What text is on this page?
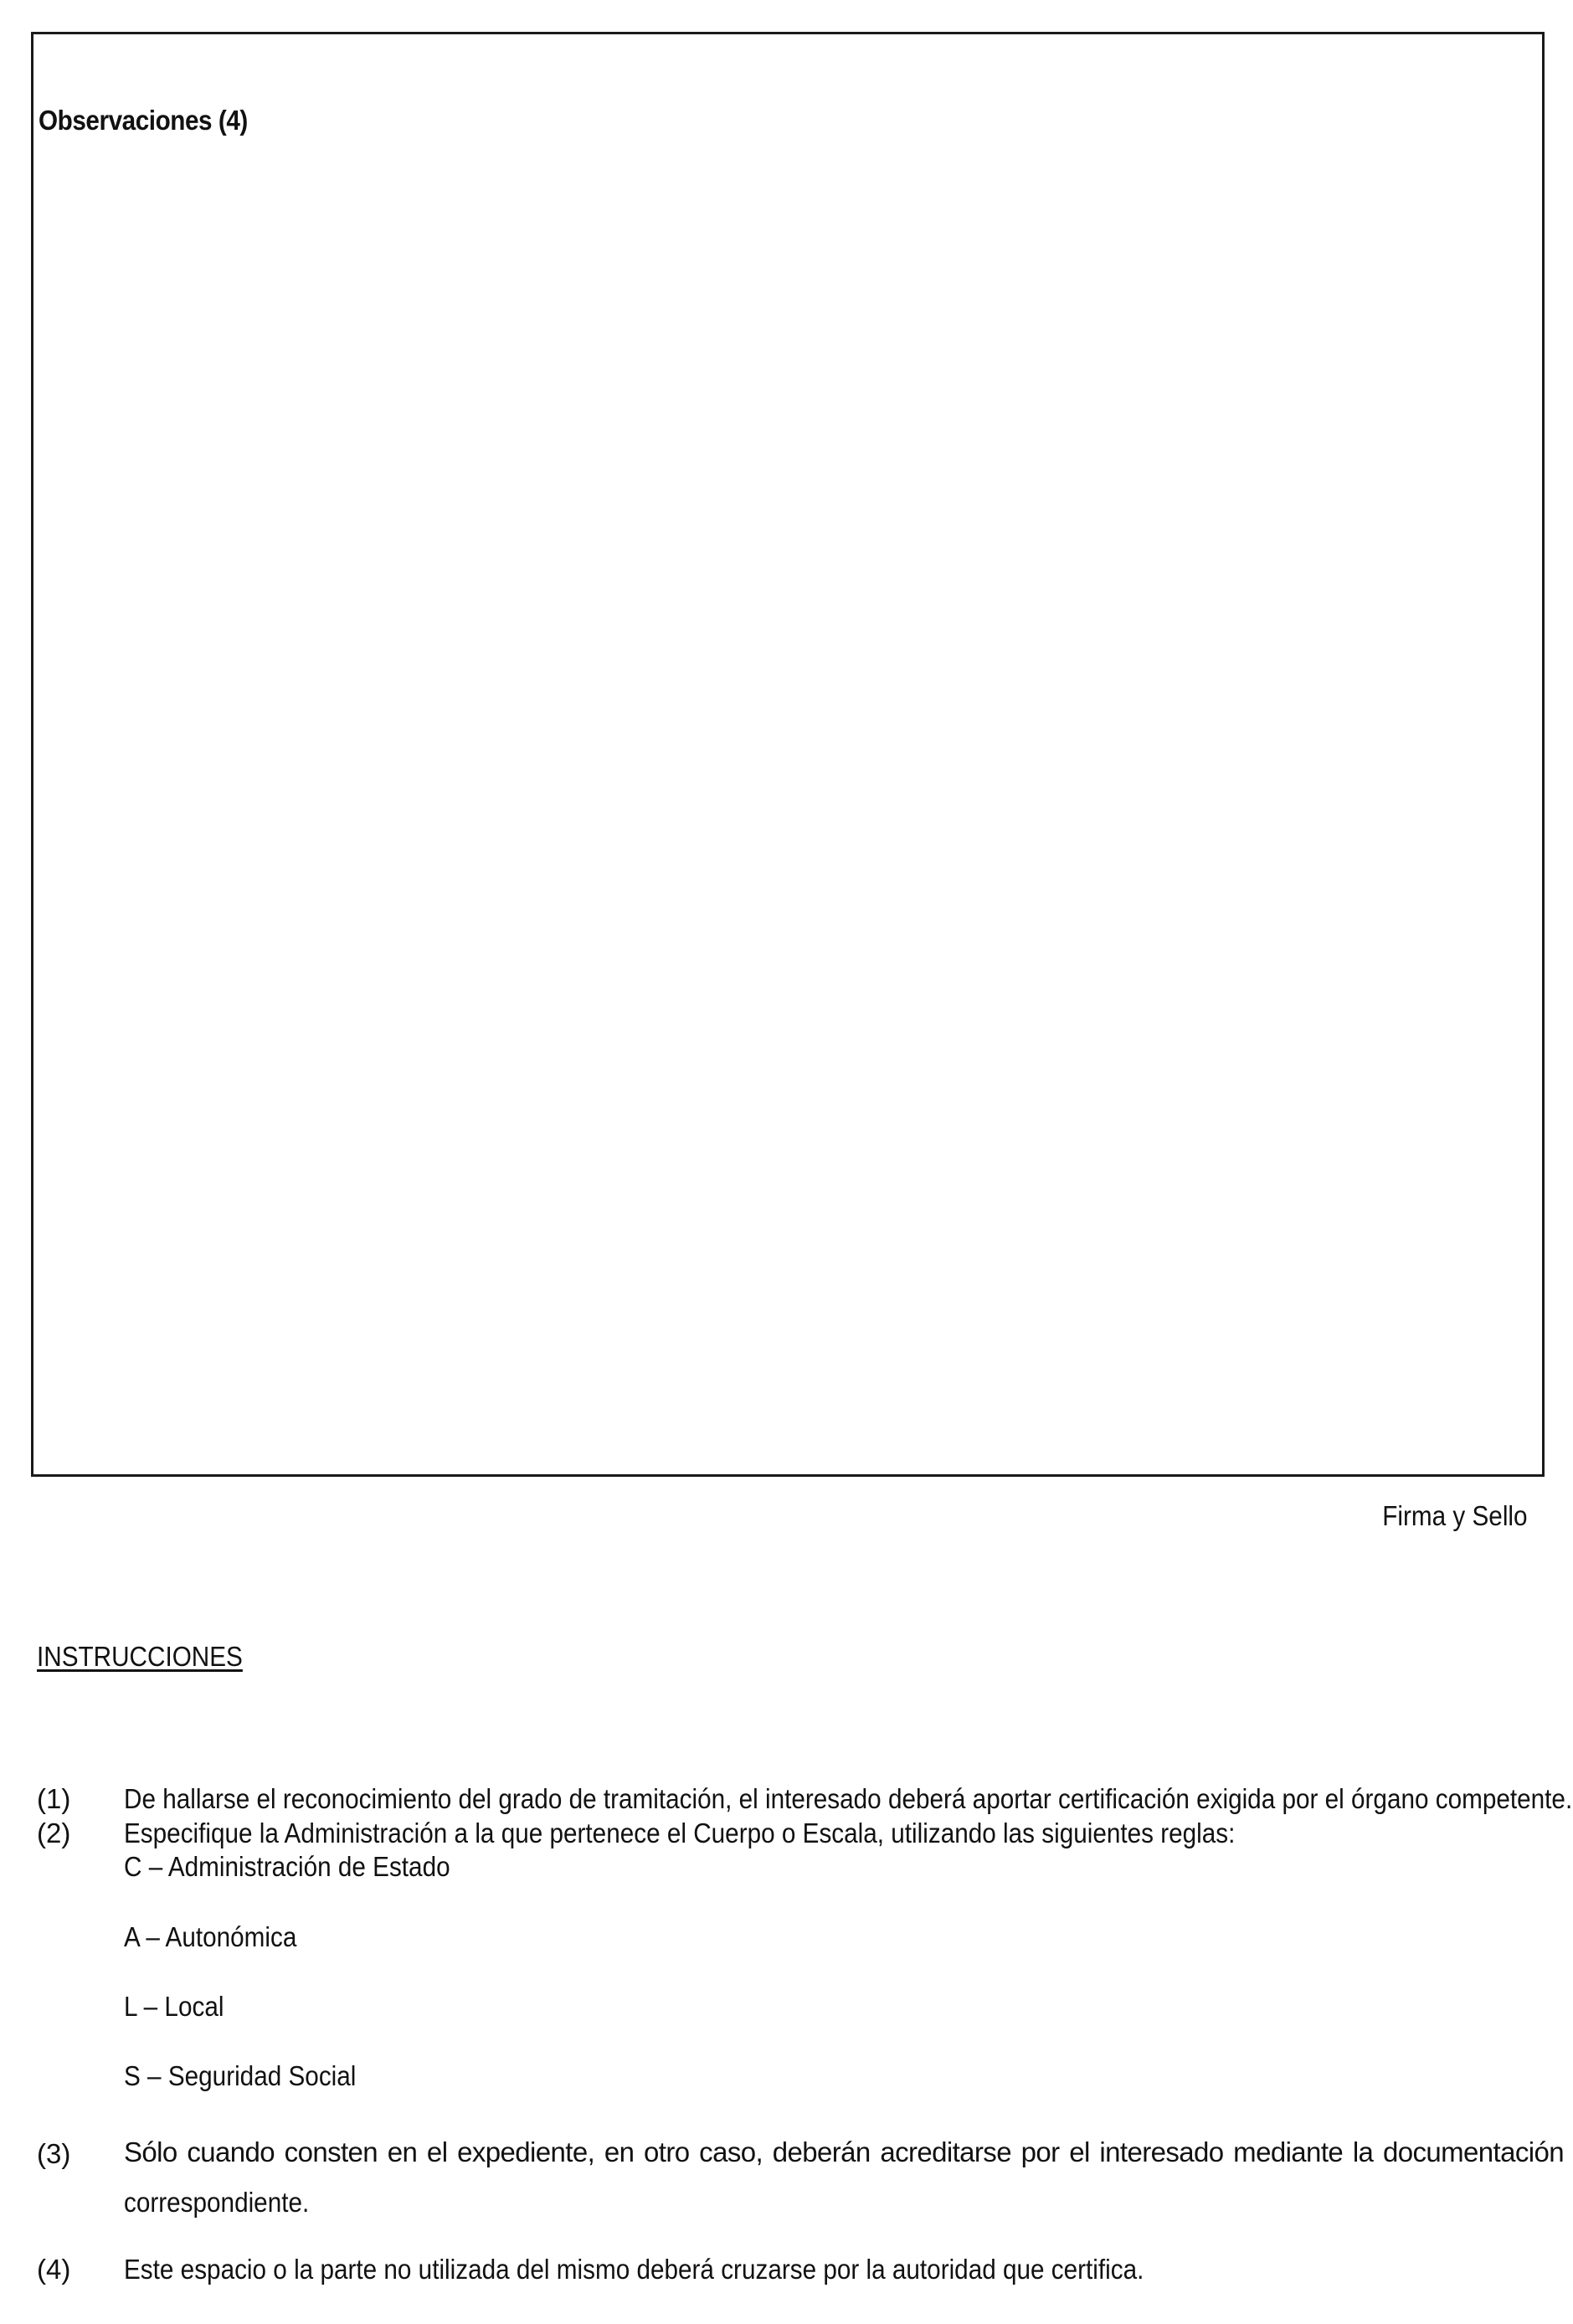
Observaciones (4)
Firma y Sello
INSTRUCCIONES
(1) De hallarse el reconocimiento del grado de tramitación, el interesado deberá aportar certificación exigida por el órgano competente.
(2) Especifique la Administración a la que pertenece el Cuerpo o Escala, utilizando las siguientes reglas:
C – Administración de Estado
A – Autonómica
L – Local
S – Seguridad Social
(3) Sólo cuando consten en el expediente, en otro caso, deberán acreditarse por el interesado mediante la documentación
correspondiente.
(4) Este espacio o la parte no utilizada del mismo deberá cruzarse por la autoridad que certifica.
